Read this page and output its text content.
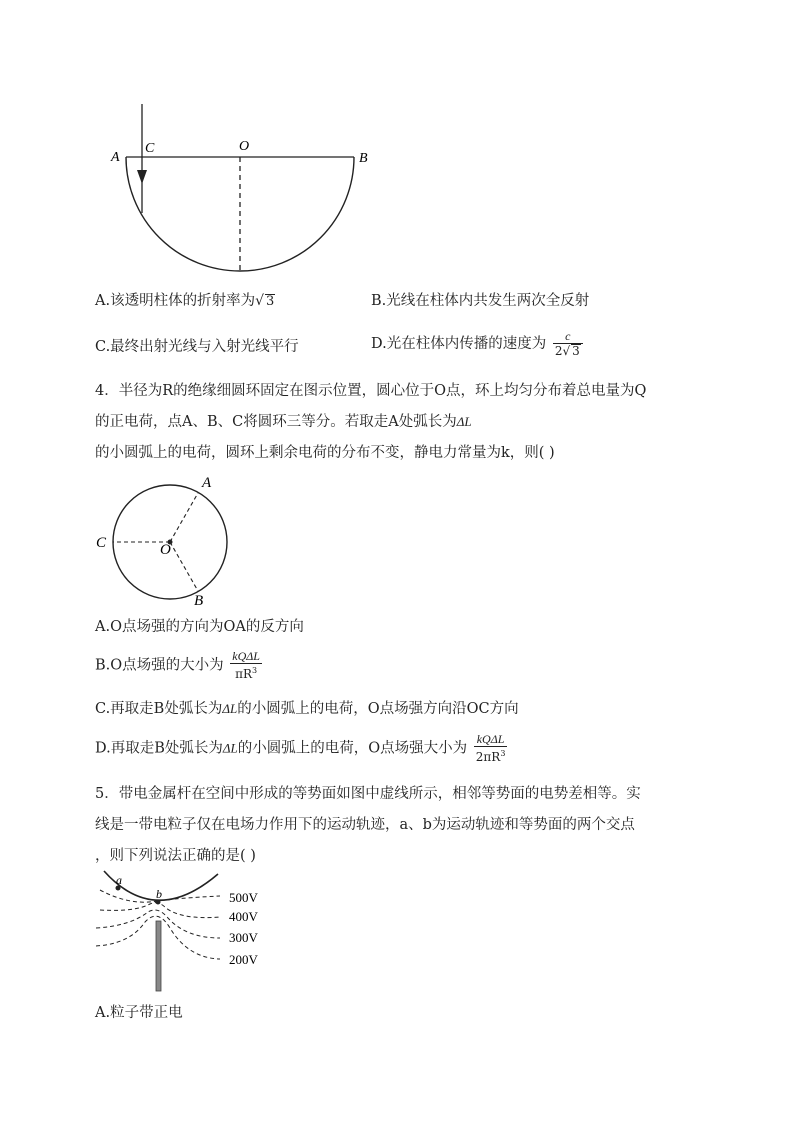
A
C	O
B
A.该透明柱体的折射率为√ 3	B.光线在柱体内共发生两次全反射
C.最终出射光线与入射光线平行	D.光在柱体内传播的速度为 $\frac{c}{2√ 3}$
4．半径为R的绝缘细圆环固定在图示位置，圆心位于O点，环上均匀分布着总电量为Q
的正电荷，点A、B、C将圆环三等分。若取走A处弧长为ΔL
的小圆弧上的电荷，圆环上剩余电荷的分布不变，静电力常量为k，则( )
A
B
C	O
A.O点场强的方向为OA的反方向
B.O点场强的大小为 $\frac{\text{kQΔL}}{\pi R^3}$
C.再取走B处弧长为ΔL的小圆弧上的电荷，O点场强方向沿OC方向
D.再取走B处弧长为ΔL的小圆弧上的电荷，O点场强大小为 $\frac{\text{kQΔL}}{2\pi R^3}$
5．带电金属杆在空间中形成的等势面如图中虚线所示，相邻等势面的电势差相等。实
线是一带电粒子仅在电场力作用下的运动轨迹，a、b为运动轨迹和等势面的两个交点
，则下列说法正确的是( )
a
b	500V
400V
300V
200V
A.粒子带正电
